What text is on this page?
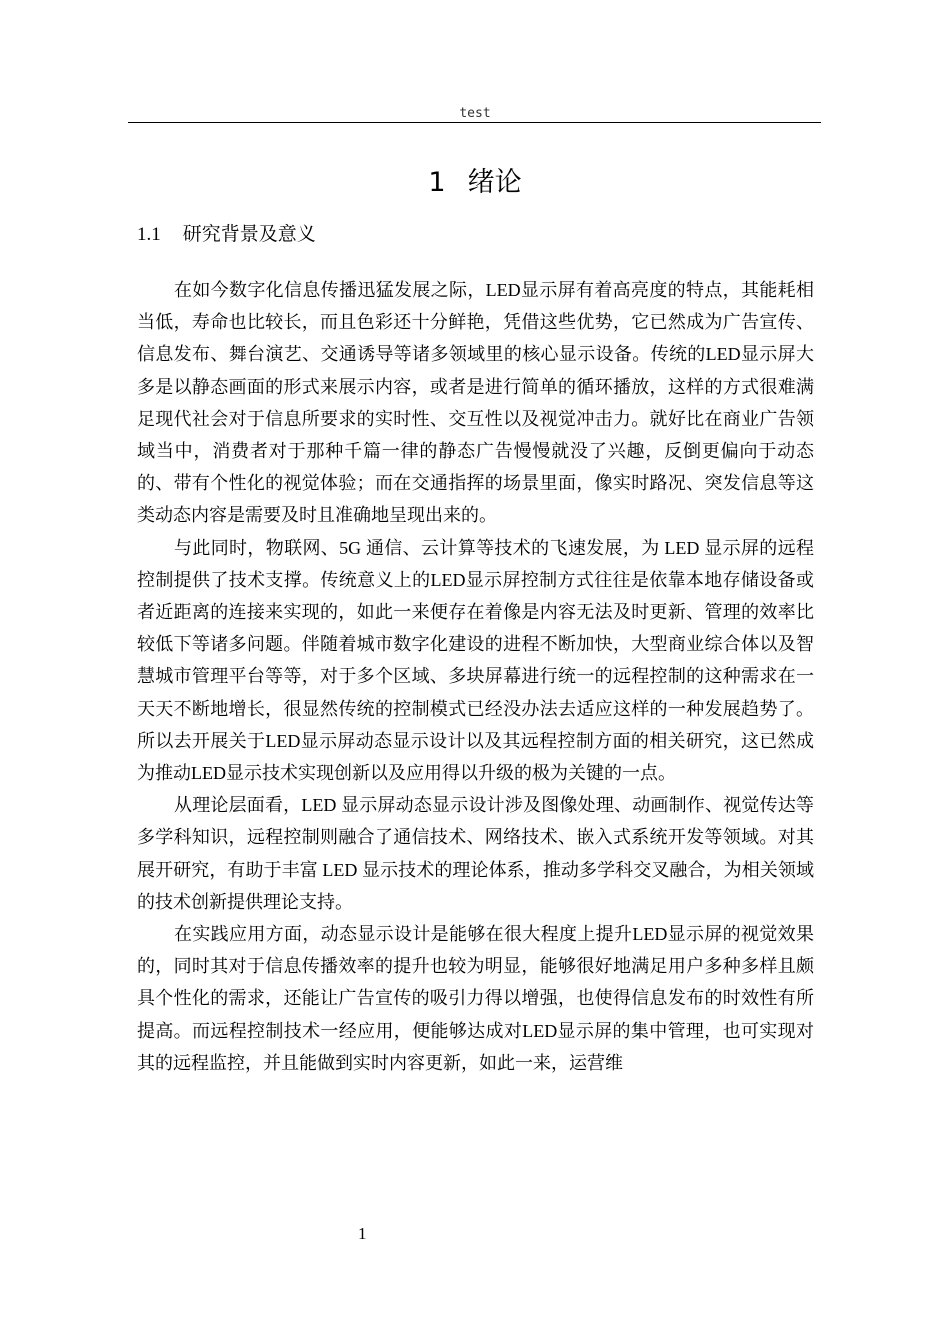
test
1 绪论
1.1 研究背景及意义

在如今数字化信息传播迅猛发展之际，LED显示屏有着高亮度的特点，其能耗相当低，寿命也比较长，而且色彩还十分鲜艳，凭借这些优势，它已然成为广告宣传、信息发布、舞台演艺、交通诱导等诸多领域里的核心显示设备。传统的LED显示屏大多是以静态画面的形式来展示内容，或者是进行简单的循环播放，这样的方式很难满足现代社会对于信息所要求的实时性、交互性以及视觉冲击力。就好比在商业广告领域当中，消费者对于那种千篇一律的静态广告慢慢就没了兴趣，反倒更偏向于动态的、带有个性化的视觉体验；而在交通指挥的场景里面，像实时路况、突发信息等这类动态内容是需要及时且准确地呈现出来的。

与此同时，物联网、5G 通信、云计算等技术的飞速发展，为 LED 显示屏的远程控制提供了技术支撑。传统意义上的LED显示屏控制方式往往是依靠本地存储设备或者近距离的连接来实现的，如此一来便存在着像是内容无法及时更新、管理的效率比较低下等诸多问题。伴随着城市数字化建设的进程不断加快，大型商业综合体以及智慧城市管理平台等等，对于多个区域、多块屏幕进行统一的远程控制的这种需求在一天天不断地增长，很显然传统的控制模式已经没办法去适应这样的一种发展趋势了。所以去开展关于LED显示屏动态显示设计以及其远程控制方面的相关研究，这已然成为推动LED显示技术实现创新以及应用得以升级的极为关键的一点。

从理论层面看，LED 显示屏动态显示设计涉及图像处理、动画制作、视觉传达等多学科知识，远程控制则融合了通信技术、网络技术、嵌入式系统开发等领域。对其展开研究，有助于丰富 LED 显示技术的理论体系，推动多学科交叉融合，为相关领域的技术创新提供理论支持。

在实践应用方面，动态显示设计是能够在很大程度上提升LED显示屏的视觉效果的，同时其对于信息传播效率的提升也较为明显，能够很好地满足用户多种多样且颇具个性化的需求，还能让广告宣传的吸引力得以增强，也使得信息发布的时效性有所提高。而远程控制技术一经应用，便能够达成对LED显示屏的集中管理，也可实现对其的远程监控，并且能做到实时内容更新，如此一来，运营维

1
